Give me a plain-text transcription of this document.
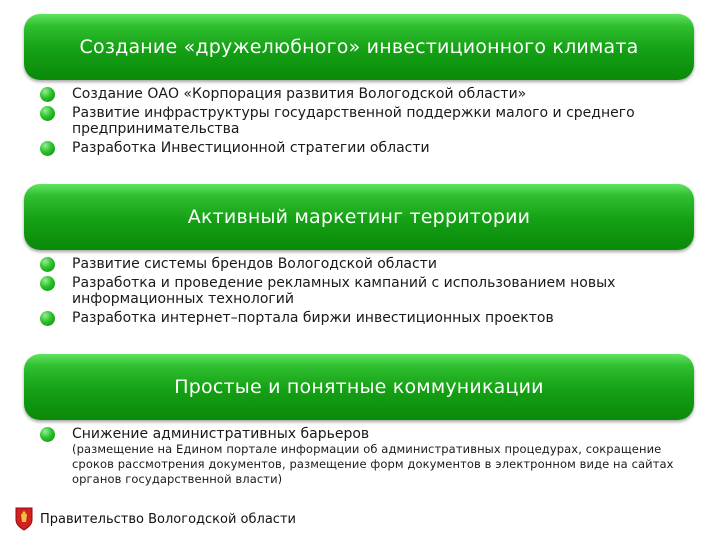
Создание «дружелюбного» инвестиционного климата
Создание ОАО «Корпорация развития Вологодской области»
Развитие инфраструктуры государственной поддержки малого и среднего предпринимательства
Разработка Инвестиционной стратегии области
Активный маркетинг территории
Развитие системы брендов Вологодской области
Разработка и проведение рекламных кампаний с использованием новых информационных технологий
Разработка интернет–портала биржи инвестиционных проектов
Простые и понятные коммуникации
Снижение административных барьеров
(размещение на Едином портале информации об административных процедурах, сокращение сроков рассмотрения документов, размещение форм документов в электронном виде на сайтах органов государственной власти)
Правительство Вологодской области
